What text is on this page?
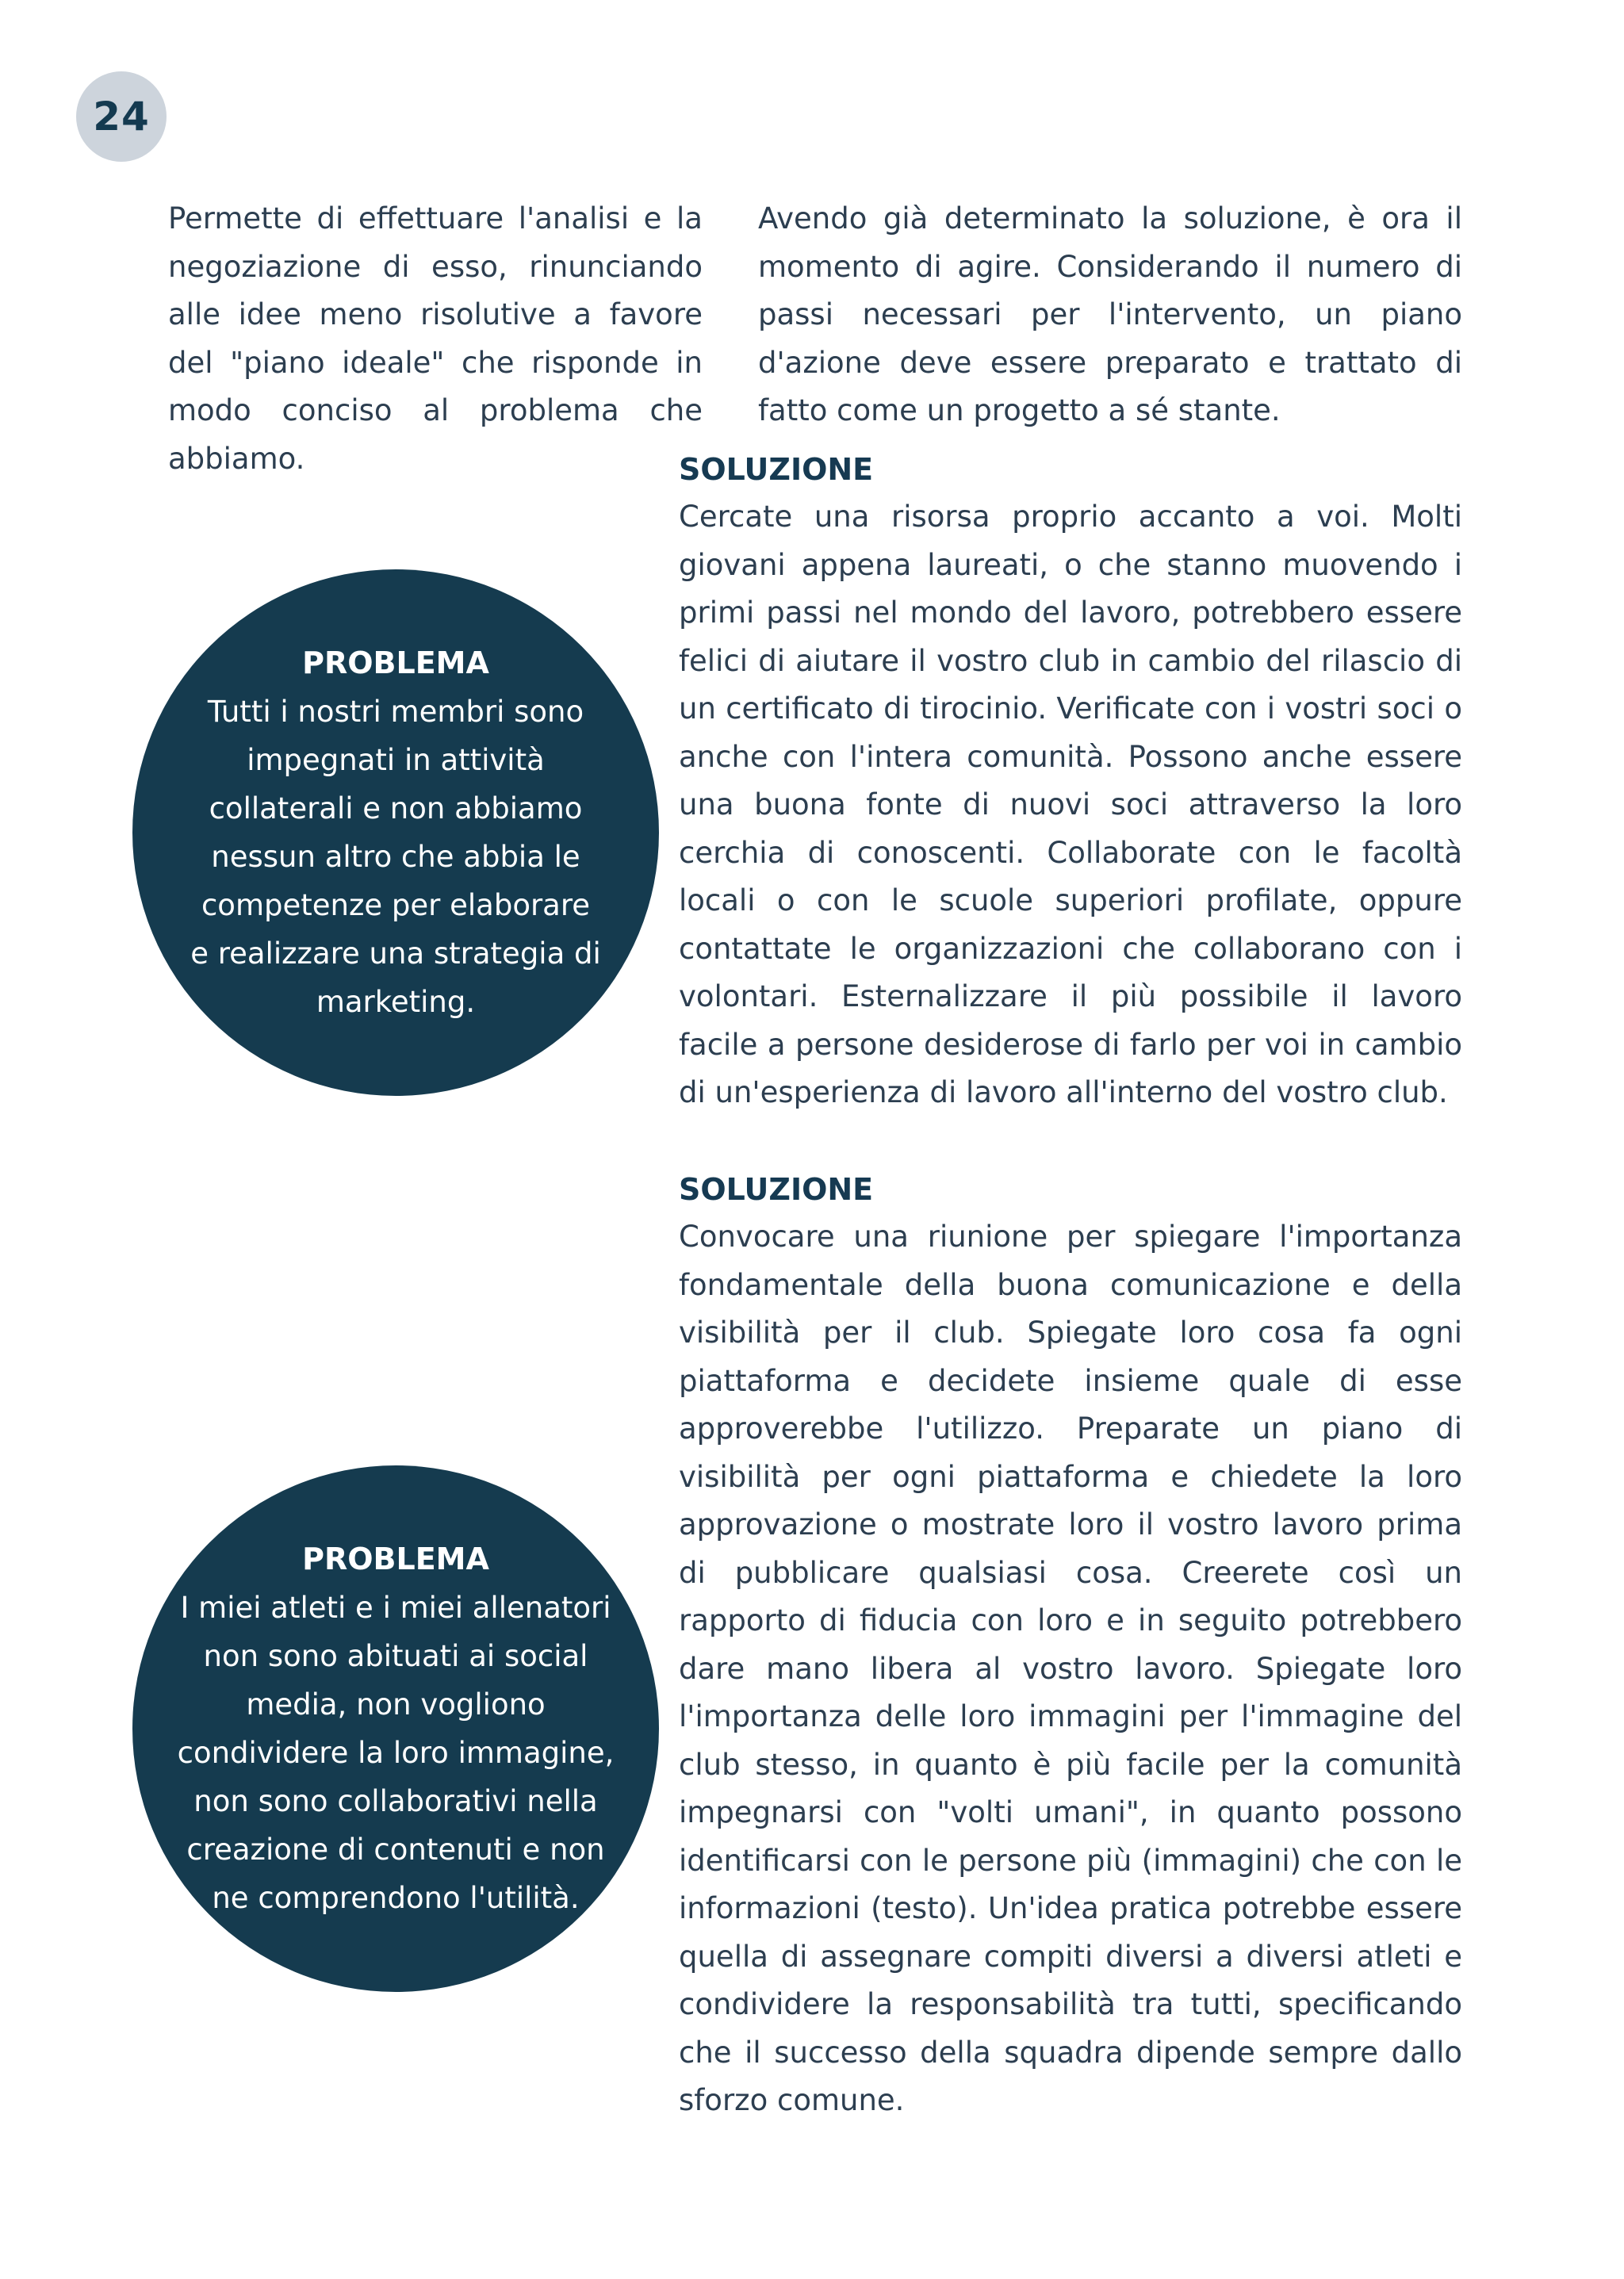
24
Permette di effettuare l'analisi e la negoziazione di esso, rinunciando alle idee meno risolutive a favore del "piano ideale" che risponde in modo conciso al problema che abbiamo.
Avendo già determinato la soluzione, è ora il momento di agire. Considerando il numero di passi necessari per l'intervento, un piano d'azione deve essere preparato e trattato di fatto come un progetto a sé stante.
PROBLEMA
Tutti i nostri membri sono impegnati in attività collaterali e non abbiamo nessun altro che abbia le competenze per elaborare e realizzare una strategia di marketing.

SOLUZIONE

Cercate una risorsa proprio accanto a voi. Molti giovani appena laureati, o che stanno muovendo i primi passi nel mondo del lavoro, potrebbero essere felici di aiutare il vostro club in cambio del rilascio di un certificato di tirocinio. Verificate con i vostri soci o anche con l'intera comunità. Possono anche essere una buona fonte di nuovi soci attraverso la loro cerchia di conoscenti. Collaborate con le facoltà locali o con le scuole superiori profilate, oppure contattate le organizzazioni che collaborano con i volontari. Esternalizzare il più possibile il lavoro facile a persone desiderose di farlo per voi in cambio di un'esperienza di lavoro all'interno del vostro club.

PROBLEMA
I miei atleti e i miei allenatori non sono abituati ai social media, non vogliono condividere la loro immagine, non sono collaborativi nella creazione di contenuti e non ne comprendono l'utilità.

SOLUZIONE

Convocare una riunione per spiegare l'importanza fondamentale della buona comunicazione e della visibilità per il club. Spiegate loro cosa fa ogni piattaforma e decidete insieme quale di esse approverebbe l'utilizzo. Preparate un piano di visibilità per ogni piattaforma e chiedete la loro approvazione o mostrate loro il vostro lavoro prima di pubblicare qualsiasi cosa. Creerete così un rapporto di fiducia con loro e in seguito potrebbero dare mano libera al vostro lavoro. Spiegate loro l'importanza delle loro immagini per l'immagine del club stesso, in quanto è più facile per la comunità impegnarsi con "volti umani", in quanto possono identificarsi con le persone più (immagini) che con le informazioni (testo). Un'idea pratica potrebbe essere quella di assegnare compiti diversi a diversi atleti e condividere la responsabilità tra tutti, specificando che il successo della squadra dipende sempre dallo sforzo comune.
